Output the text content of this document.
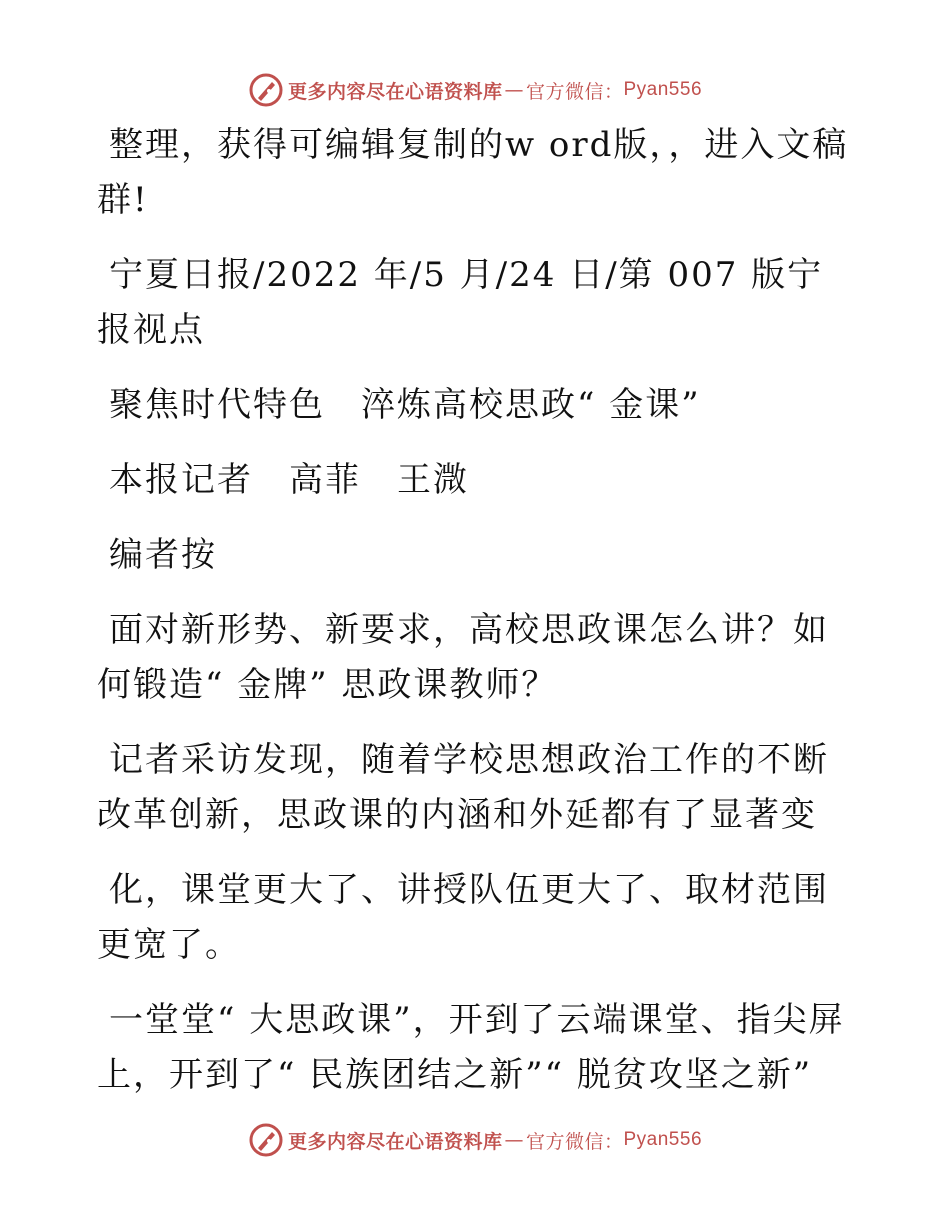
更多内容尽在心语资料库 — 官方微信： Pyan556

整理，获得可编辑复制的w ord版，，进入文稿群!

宁夏日报/2022 年/5 月/24 日/第 007 版宁报视点

聚焦时代特色　淬炼高校思政“ 金课”

本报记者　高菲　王溦

编者按

面对新形势、新要求，高校思政课怎么讲？如何锻造“ 金牌” 思政课教师？

记者采访发现，随着学校思想政治工作的不断改革创新，思政课的内涵和外延都有了显著变

化，课堂更大了、讲授队伍更大了、取材范围更宽了。

一堂堂“ 大思政课”，开到了云端课堂、指尖屏上，开到了“ 民族团结之新”“ 脱贫攻坚之新”

更多内容尽在心语资料库 — 官方微信： Pyan556
